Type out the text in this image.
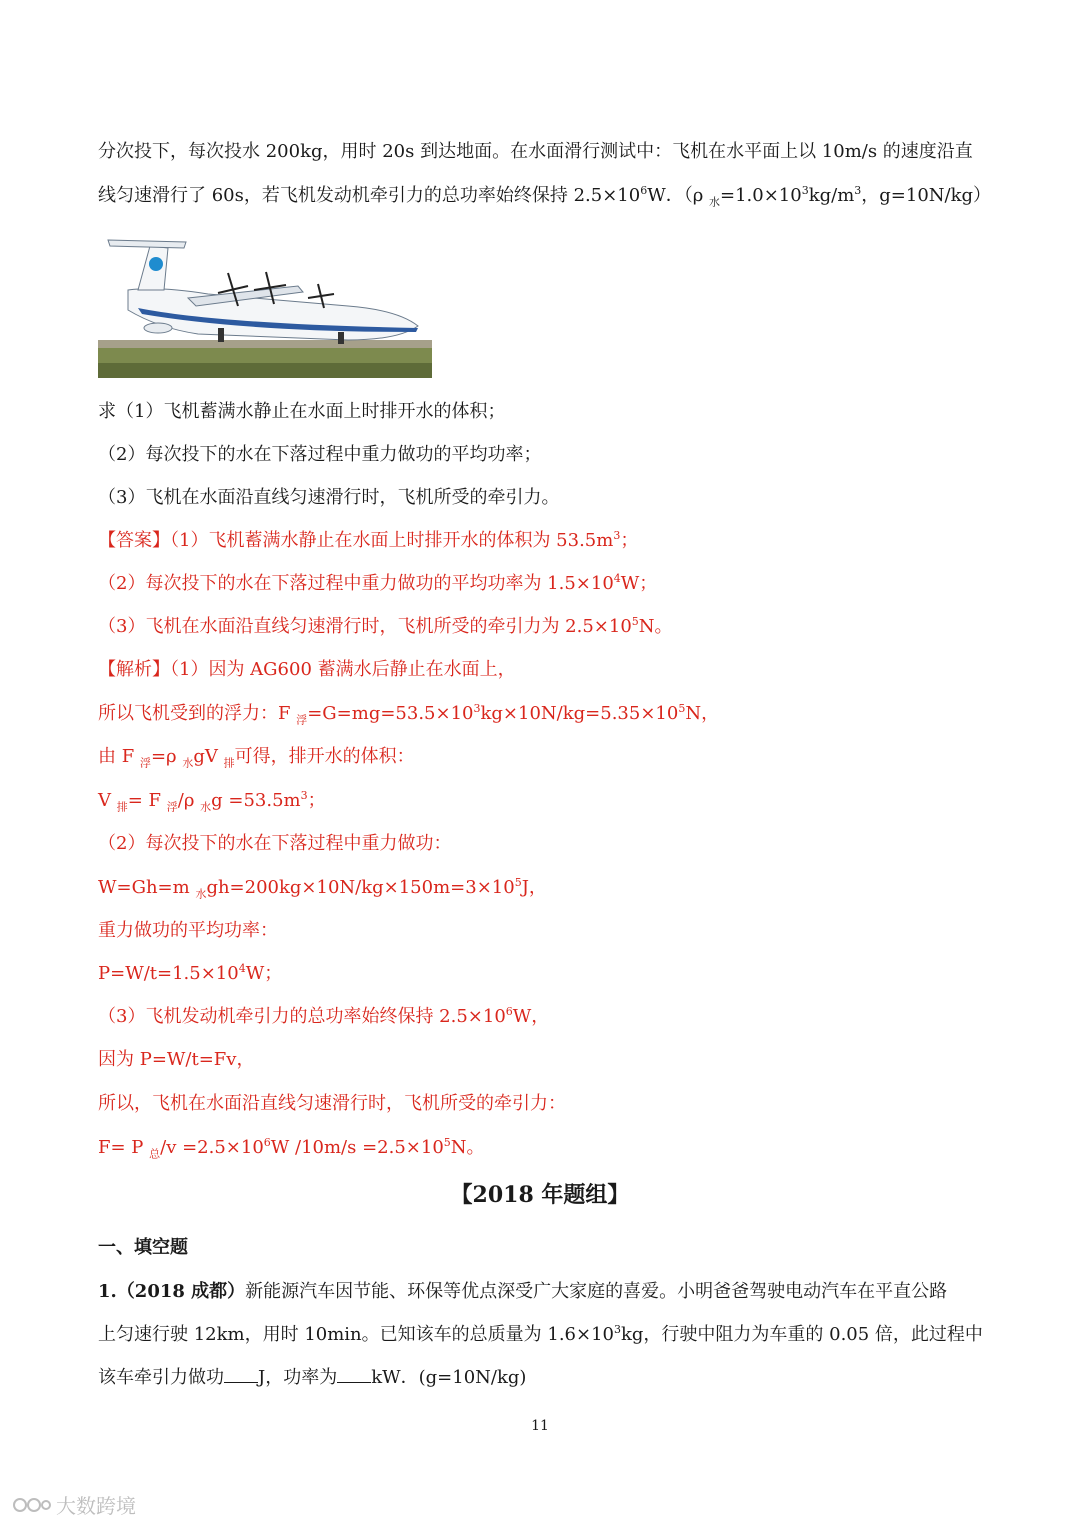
分次投下，每次投水 200kg，用时 20s 到达地面。在水面滑行测试中：飞机在水平面上以 10m/s 的速度沿直
线匀速滑行了 60s，若飞机发动机牵引力的总功率始终保持 $2.5\times 10^6W$．（ρ $_水=1.0\times 10^3kg/m^3$，g=10N/kg）
求（1）飞机蓄满水静止在水面上时排开水的体积；
（2）每次投下的水在下落过程中重力做功的平均功率；
（3）飞机在水面沿直线匀速滑行时，飞机所受的牵引力。
【答案】（1）飞机蓄满水静止在水面上时排开水的体积为 $53.5m^3$；
（2）每次投下的水在下落过程中重力做功的平均功率为 $1.5\times 10^4W$；
（3）飞机在水面沿直线匀速滑行时，飞机所受的牵引力为 $2.5\times 10^5N$。
【解析】（1）因为 AG600 蓄满水后静止在水面上，
所以飞机受到的浮力：F $_浮=G=mg=53.5\times 10^3kg\times 10N/kg=5.35\times 10^5N$，
由 F $_浮$=ρ $_水$gV $_排$可得，排开水的体积：
V $_排$= F $_浮$/ρ $_水g =53.5m^3$；
（2）每次投下的水在下落过程中重力做功：
W=Gh=m $_水gh=200kg\times 10N/kg\times 150m=3\times 10^5J$，
重力做功的平均功率：
$P=W/t=1.5\times 10^4W$；
（3）飞机发动机牵引力的总功率始终保持 $2.5\times 10^6W$，
因为 P=W/t=Fv，
所以，飞机在水面沿直线匀速滑行时，飞机所受的牵引力：
F= P $_总/v =2.5\times 10^6W$ $/10m/s =2.5\times 10^5N$。
【2018 年题组】
一、填空题
1.（2018 成都）新能源汽车因节能、环保等优点深受广大家庭的喜爱。小明爸爸驾驶电动汽车在平直公路
上匀速行驶 12km，用时 10min。已知该车的总质量为 $1.6\times 10^3kg$，行驶中阻力为车重的 0.05 倍，此过程中
该车牵引力做功 J，功率为 kW．(g=10N/kg)
11
大数跨境
